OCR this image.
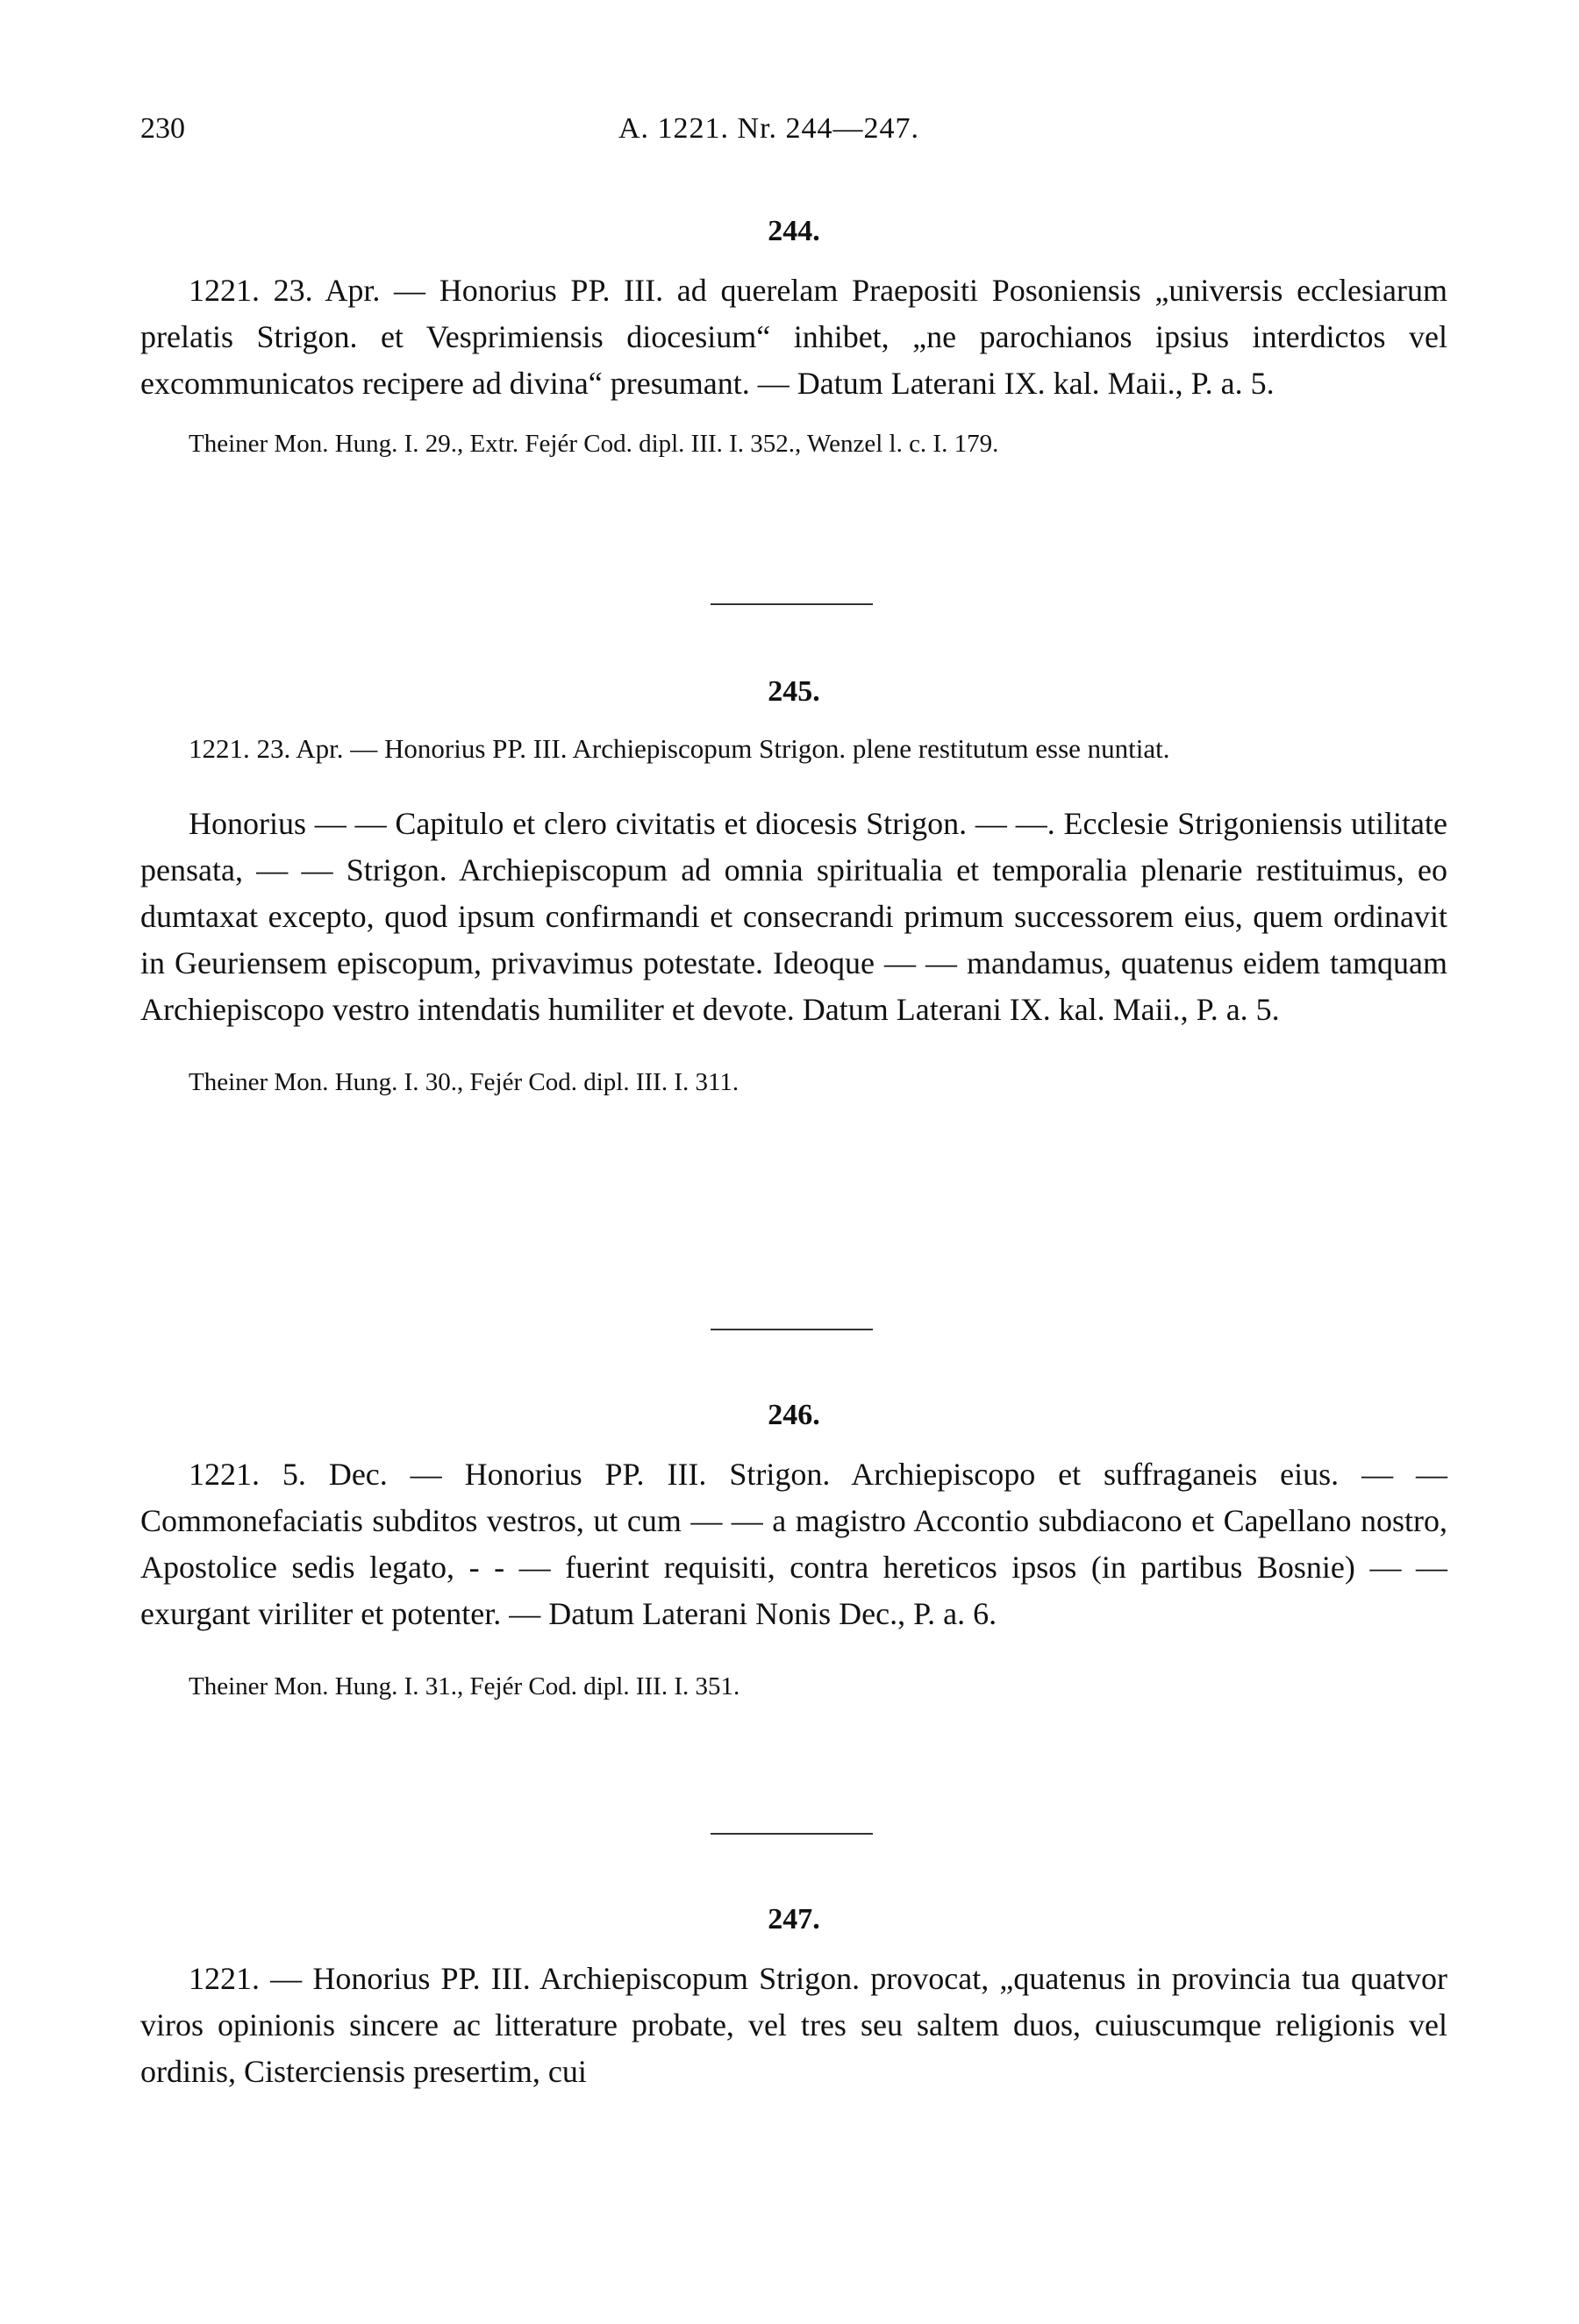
230	A. 1221. Nr. 244—247.
244.

1221. 23. Apr. — Honorius PP. III. ad querelam Praepositi Posoniensis „universis ecclesiarum prelatis Strigon. et Vesprimiensis diocesium“ inhibet, „ne parochianos ipsius interdictos vel excommunicatos recipere ad divina“ presumant. — Datum Laterani IX. kal. Maii., P. a. 5.

Theiner Mon. Hung. I. 29., Extr. Fejér Cod. dipl. III. I. 352., Wenzel l. c. I. 179.

245.

1221. 23. Apr. — Honorius PP. III. Archiepiscopum Strigon. plene restitutum esse nuntiat.

Honorius — — Capitulo et clero civitatis et diocesis Strigon. — —. Ecclesie Strigoniensis utilitate pensata, — — Strigon. Archiepiscopum ad omnia spiritualia et temporalia plenarie restituimus, eo dumtaxat excepto, quod ipsum confirmandi et consecrandi primum successorem eius, quem ordinavit in Geuriensem episcopum, privavimus potestate. Ideoque — — mandamus, quatenus eidem tamquam Archiepiscopo vestro intendatis humiliter et devote. Datum Laterani IX. kal. Maii., P. a. 5.

Theiner Mon. Hung. I. 30., Fejér Cod. dipl. III. I. 311.

246.

1221. 5. Dec. — Honorius PP. III. Strigon. Archiepiscopo et suffraganeis eius. — — Commonefaciatis subditos vestros, ut cum — — a magistro Accontio subdiacono et Capellano nostro, Apostolice sedis legato, - - — fuerint requisiti, contra hereticos ipsos (in partibus Bosnie) — — exurgant viriliter et potenter. — Datum Laterani Nonis Dec., P. a. 6.

Theiner Mon. Hung. I. 31., Fejér Cod. dipl. III. I. 351.

247.

1221. — Honorius PP. III. Archiepiscopum Strigon. provocat, „quatenus in provincia tua quatvor viros opinionis sincere ac litterature probate, vel tres seu saltem duos, cuiuscumque religionis vel ordinis, Cisterciensis presertim, cui
